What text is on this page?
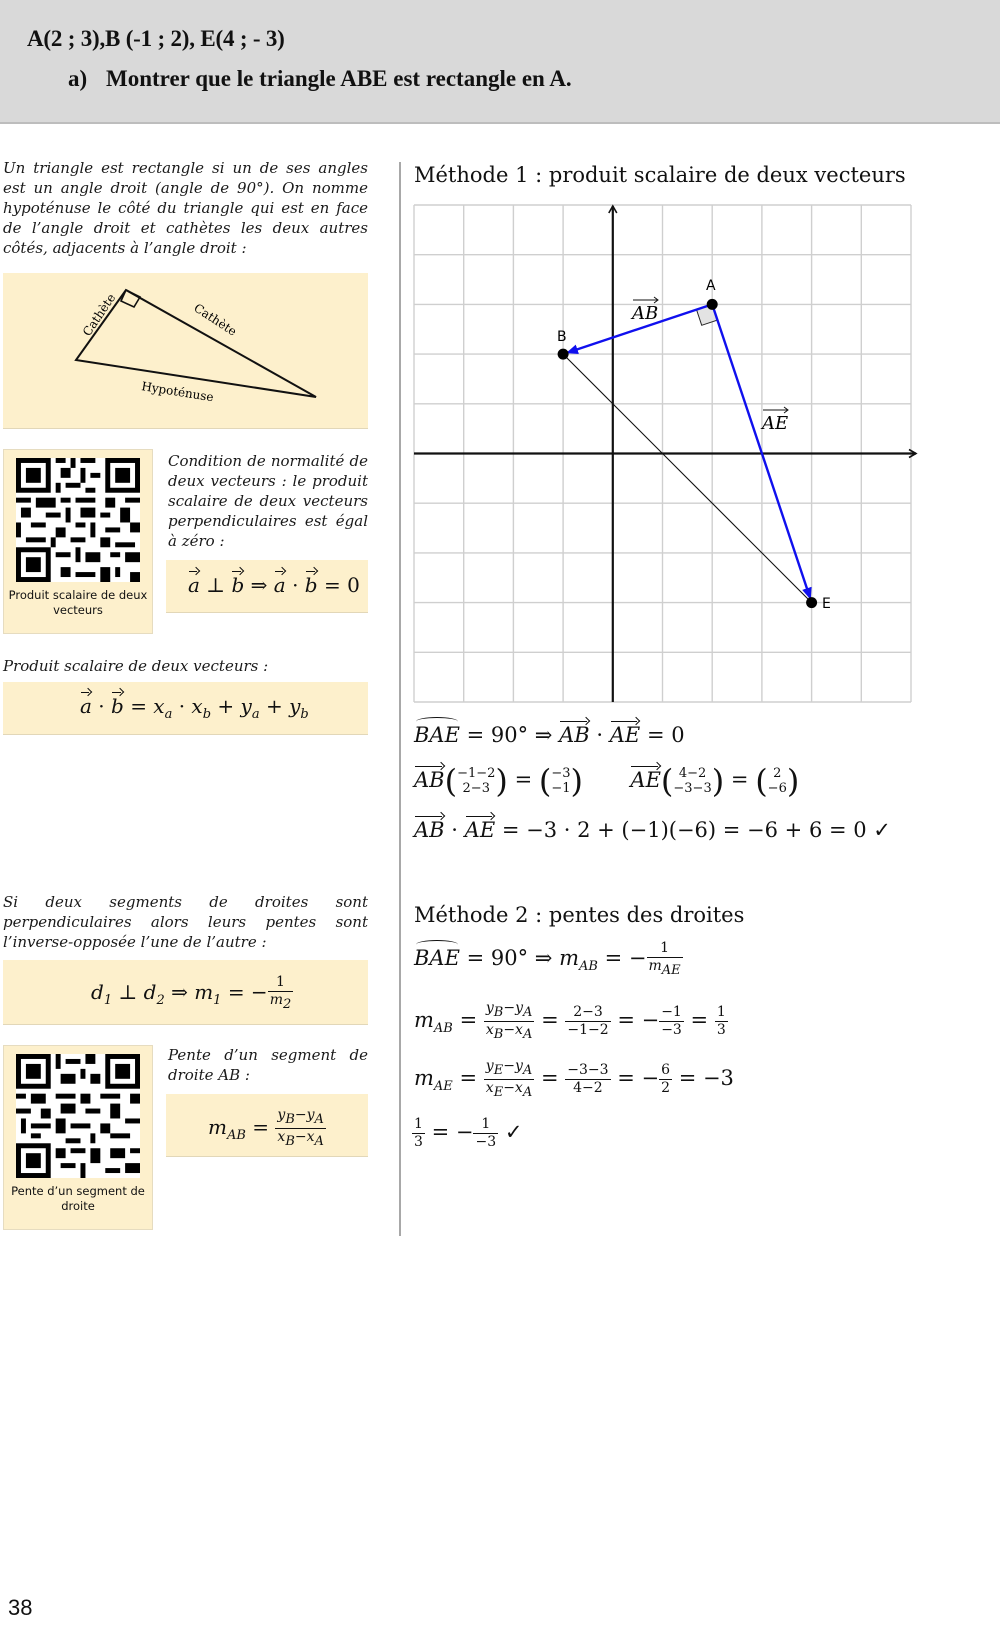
A(2 ; 3),B (-1 ; 2), E(4 ; - 3)
a) Montrer que le triangle ABE est rectangle en A.
Un triangle est rectangle si un de ses angles est un angle droit (angle de 90°). On nomme hypoténuse le côté du triangle qui est en face de l’angle droit et cathètes les deux autres côtés, adjacents à l’angle droit :
Cathète	Cathète
Hypoténuse
Produit scalaire de deux vecteurs
Condition de normalité de deux vecteurs : le produit scalaire de deux vecteurs perpendiculaires est égal à zéro :
a ⊥ b ⇒ a · b = 0
Produit scalaire de deux vecteurs :
$a \cdot b = x_a \cdot x_b + y_a + y_b$
Si deux segments de droites sont perpendiculaires alors leurs pentes sont l’inverse-opposée l’une de l’autre :
$d_1$ ⊥ $d_2$ ⇒ $m_1$ = − $\frac{1}{m_2}$
Pente d’un segment de droite
Pente d’un segment de droite AB :
$m_{AB} = \frac{y_B-y_A}{x_B-x_A}$
Méthode 1 : produit scalaire de deux vecteurs
A
B
E
AB
AE
BAE = 90° ⇒ AB · AE = 0
AB( −1−2
2−3 ) = ( −3
−1 ) AE( 4−2
−3−3 ) = ( 2
−6 )
AB · AE = −3 · 2 + (−1)(−6) = −6 + 6 = 0 ✓
Méthode 2 : pentes des droites
BAE = 90° ⇒ $m_{AB}$ = − $\frac{1}{m_{AE}}$
$m_{AB} = \frac{y_B-y_A}{x_B-x_A} = \frac{2-3}{-1-2}$ = − $\frac{-1}{-3} = \frac{1}{3}$
$m_{AE} = \frac{y_E-y_A}{x_E-x_A} = \frac{-3-3}{4-2}$ = − $\frac{6}{2} = -3$
$\frac{1}{3}$ = − $\frac{1}{-3}$ ✓
38
